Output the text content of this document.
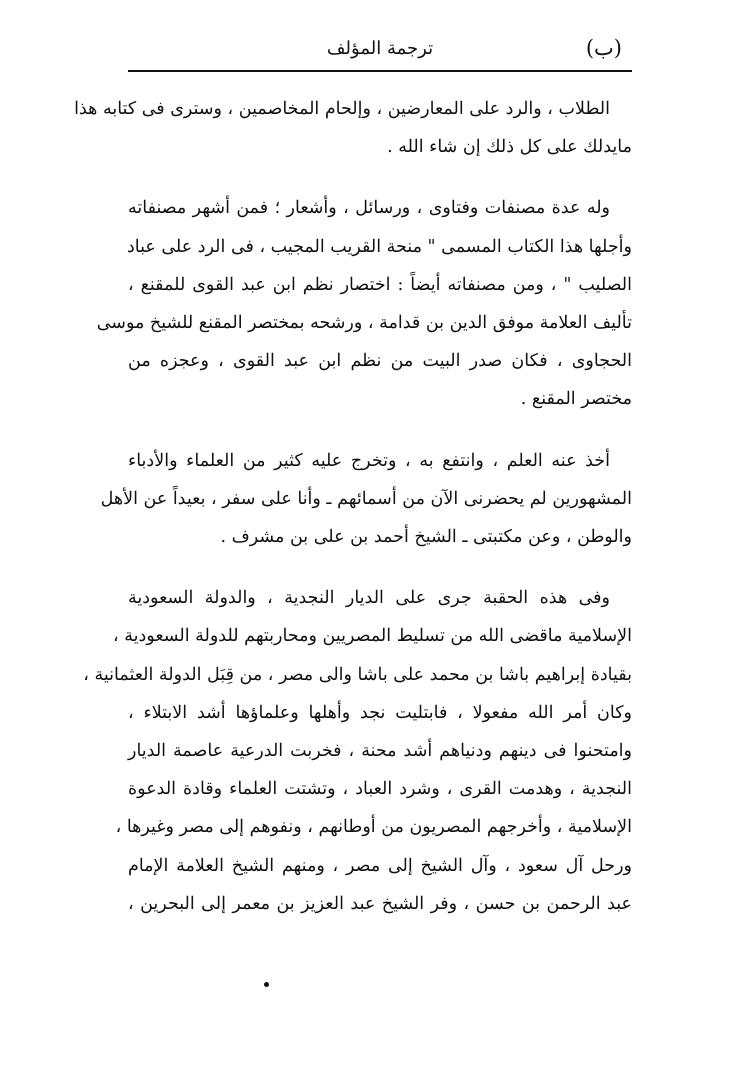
(ب)
ترجمة المؤلف

الطلاب ، والرد على المعارضين ، وإلحام المخاصمين ، وسترى فى كتابه هذا
مايدلك على كل ذلك إن شاء الله .

وله عدة مصنفات وفتاوى ، ورسائل ، وأشعار ؛ فمن أشهر مصنفاته
وأجلها هذا الكتاب المسمى " منحة القريب المجيب ، فى الرد على عباد
الصليب " ، ومن مصنفاته أيضاً : اختصار نظم ابن عبد القوى للمقنع ،
تأليف العلامة موفق الدين بن قدامة ، ورشحه بمختصر المقنع للشيخ موسى
الحجاوى ، فكان صدر البيت من نظم ابن عبد القوى ، وعجزه من
مختصر المقنع .

أخذ عنه العلم ، وانتفع به ، وتخرج عليه كثير من العلماء والأدباء
المشهورين لم يحضرنى الآن من أسمائهم ـ وأنا على سفر ، بعيداً عن الأهل
والوطن ، وعن مكتبتى ـ الشيخ أحمد بن على بن مشرف .

وفى هذه الحقبة جرى على الديار النجدية ، والدولة السعودية
الإسلامية ماقضى الله من تسليط المصريين ومحاربتهم للدولة السعودية ،
بقيادة إبراهيم باشا بن محمد على باشا والى مصر ، من قِبَل الدولة العثمانية ،
وكان أمر الله مفعولا ، فابتليت نجد وأهلها وعلماؤها أشد الابتلاء ،
وامتحنوا فى دينهم ودنياهم أشد محنة ، فخربت الدرعية عاصمة الديار
النجدية ، وهدمت القرى ، وشرد العباد ، وتشتت العلماء وقادة الدعوة
الإسلامية ، وأخرجهم المصريون من أوطانهم ، ونفوهم إلى مصر وغيرها ،
ورحل آل سعود ، وآل الشيخ إلى مصر ، ومنهم الشيخ العلامة الإمام
عبد الرحمن بن حسن ، وفر الشيخ عبد العزيز بن معمر إلى البحرين ،
